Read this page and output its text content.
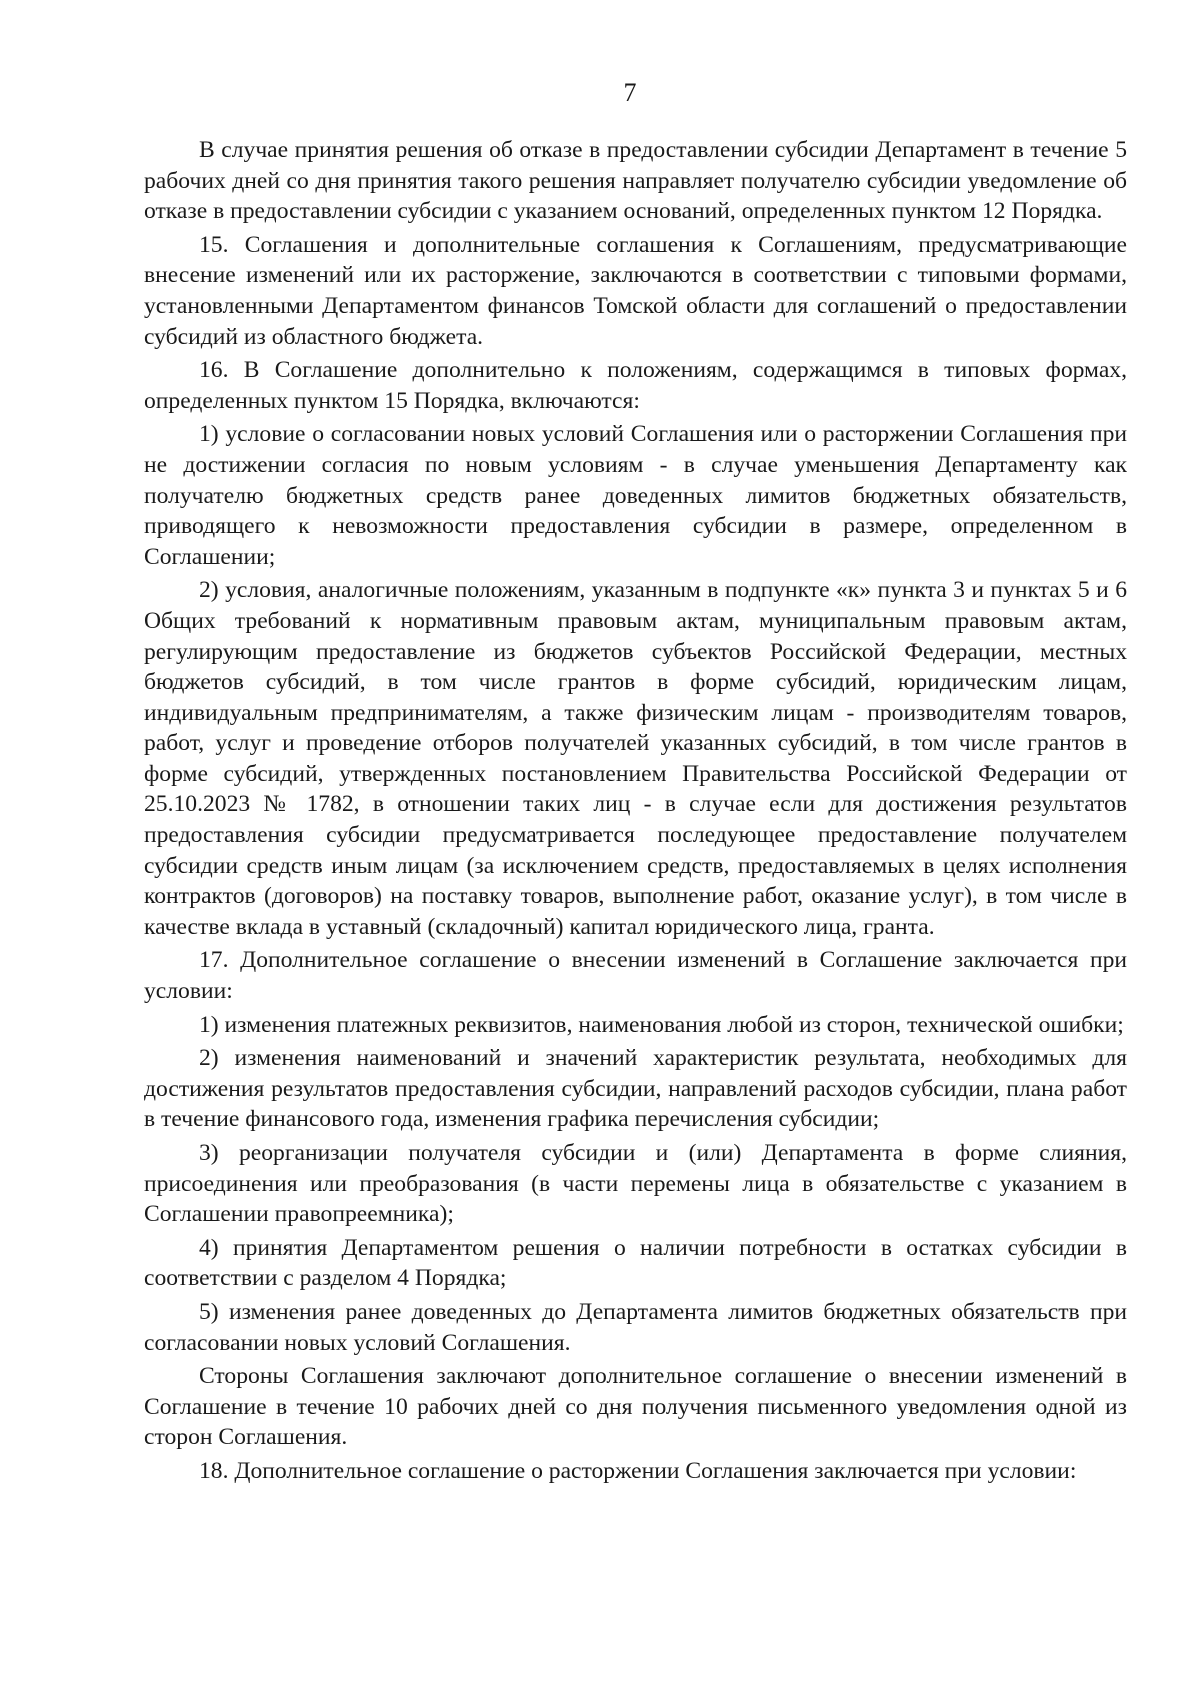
7

В случае принятия решения об отказе в предоставлении субсидии Департамент в течение 5 рабочих дней со дня принятия такого решения направляет получателю субсидии уведомление об отказе в предоставлении субсидии с указанием оснований, определенных пунктом 12 Порядка.

15. Соглашения и дополнительные соглашения к Соглашениям, предусматривающие внесение изменений или их расторжение, заключаются в соответствии с типовыми формами, установленными Департаментом финансов Томской области для соглашений о предоставлении субсидий из областного бюджета.

16. В Соглашение дополнительно к положениям, содержащимся в типовых формах, определенных пунктом 15 Порядка, включаются:

1) условие о согласовании новых условий Соглашения или о расторжении Соглашения при не достижении согласия по новым условиям - в случае уменьшения Департаменту как получателю бюджетных средств ранее доведенных лимитов бюджетных обязательств, приводящего к невозможности предоставления субсидии в размере, определенном в Соглашении;

2) условия, аналогичные положениям, указанным в подпункте «к» пункта 3 и пунктах 5 и 6 Общих требований к нормативным правовым актам, муниципальным правовым актам, регулирующим предоставление из бюджетов субъектов Российской Федерации, местных бюджетов субсидий, в том числе грантов в форме субсидий, юридическим лицам, индивидуальным предпринимателям, а также физическим лицам - производителям товаров, работ, услуг и проведение отборов получателей указанных субсидий, в том числе грантов в форме субсидий, утвержденных постановлением Правительства Российской Федерации от 25.10.2023 № 1782, в отношении таких лиц - в случае если для достижения результатов предоставления субсидии предусматривается последующее предоставление получателем субсидии средств иным лицам (за исключением средств, предоставляемых в целях исполнения контрактов (договоров) на поставку товаров, выполнение работ, оказание услуг), в том числе в качестве вклада в уставный (складочный) капитал юридического лица, гранта.

17. Дополнительное соглашение о внесении изменений в Соглашение заключается при условии:

1) изменения платежных реквизитов, наименования любой из сторон, технической ошибки;

2) изменения наименований и значений характеристик результата, необходимых для достижения результатов предоставления субсидии, направлений расходов субсидии, плана работ в течение финансового года, изменения графика перечисления субсидии;

3) реорганизации получателя субсидии и (или) Департамента в форме слияния, присоединения или преобразования (в части перемены лица в обязательстве с указанием в Соглашении правопреемника);

4) принятия Департаментом решения о наличии потребности в остатках субсидии в соответствии с разделом 4 Порядка;

5) изменения ранее доведенных до Департамента лимитов бюджетных обязательств при согласовании новых условий Соглашения.

Стороны Соглашения заключают дополнительное соглашение о внесении изменений в Соглашение в течение 10 рабочих дней со дня получения письменного уведомления одной из сторон Соглашения.

18. Дополнительное соглашение о расторжении Соглашения заключается при условии:
